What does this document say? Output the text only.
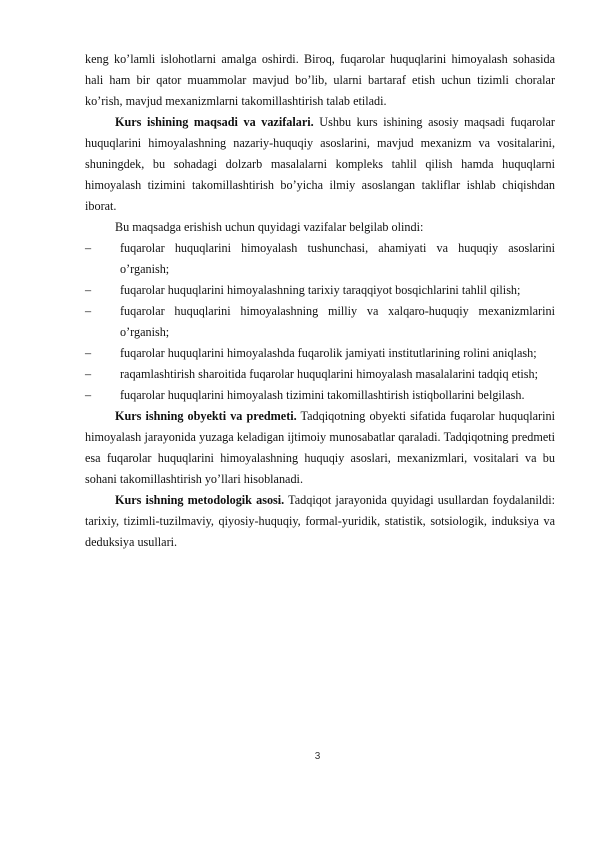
keng ko’lamli islohotlarni amalga oshirdi. Biroq, fuqarolar huquqlarini himoyalash sohasida hali ham bir qator muammolar mavjud bo’lib, ularni bartaraf etish uchun tizimli choralar ko’rish, mavjud mexanizmlarni takomillashtirish talab etiladi.

Kurs ishining maqsadi va vazifalari. Ushbu kurs ishining asosiy maqsadi fuqarolar huquqlarini himoyalashning nazariy-huquqiy asoslarini, mavjud mexanizm va vositalarini, shuningdek, bu sohadagi dolzarb masalalarni kompleks tahlil qilish hamda huquqlarni himoyalash tizimini takomillashtirish bo’yicha ilmiy asoslangan takliflar ishlab chiqishdan iborat.

Bu maqsadga erishish uchun quyidagi vazifalar belgilab olindi:

–	fuqarolar huquqlarini himoyalash tushunchasi, ahamiyati va huquqiy asoslarini o’rganish;
–	fuqarolar huquqlarini himoyalashning tarixiy taraqqiyot bosqichlarini tahlil qilish;
–	fuqarolar huquqlarini himoyalashning milliy va xalqaro-huquqiy mexanizmlarini o’rganish;
–	fuqarolar huquqlarini himoyalashda fuqarolik jamiyati institutlarining rolini aniqlash;
–	raqamlashtirish sharoitida fuqarolar huquqlarini himoyalash masalalarini tadqiq etish;
–	fuqarolar huquqlarini himoyalash tizimini takomillashtirish istiqbollarini belgilash.

Kurs ishning obyekti va predmeti. Tadqiqotning obyekti sifatida fuqarolar huquqlarini himoyalash jarayonida yuzaga keladigan ijtimoiy munosabatlar qaraladi. Tadqiqotning predmeti esa fuqarolar huquqlarini himoyalashning huquqiy asoslari, mexanizmlari, vositalari va bu sohani takomillashtirish yo’llari hisoblanadi.

Kurs ishning metodologik asosi. Tadqiqot jarayonida quyidagi usullardan foydalanildi: tarixiy, tizimli-tuzilmaviy, qiyosiy-huquqiy, formal-yuridik, statistik, sotsiologik, induksiya va deduksiya usullari.

3
